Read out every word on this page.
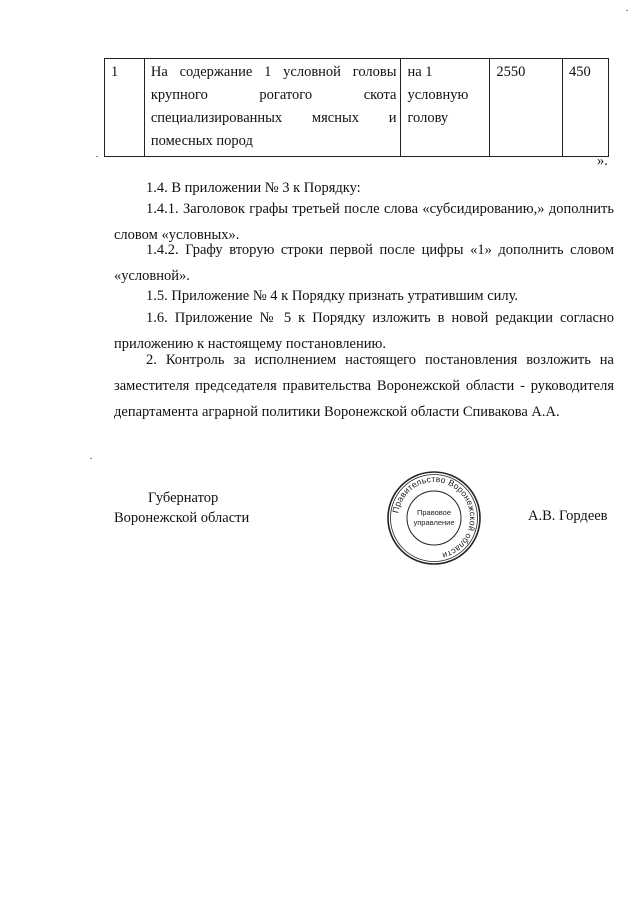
1	На содержание 1 условной головы крупного рогатого скота специализированных мясных и помесных пород	на 1 условную голову	2550	450
».
1.4. В приложении № 3 к Порядку:
1.4.1. Заголовок графы третьей после слова «субсидированию,» дополнить словом «условных».
1.4.2. Графу вторую строки первой после цифры «1» дополнить словом «условной».
1.5. Приложение № 4 к Порядку признать утратившим силу.
1.6. Приложение № 5 к Порядку изложить в новой редакции согласно приложению к настоящему постановлению.
2. Контроль за исполнением настоящего постановления возложить на заместителя председателя правительства Воронежской области - руководителя департамента аграрной политики Воронежской области Спивакова А.А.
Губернатор
Воронежской области
Правительство Воронежской области
Правовое
управление	А.В. Гордеев
